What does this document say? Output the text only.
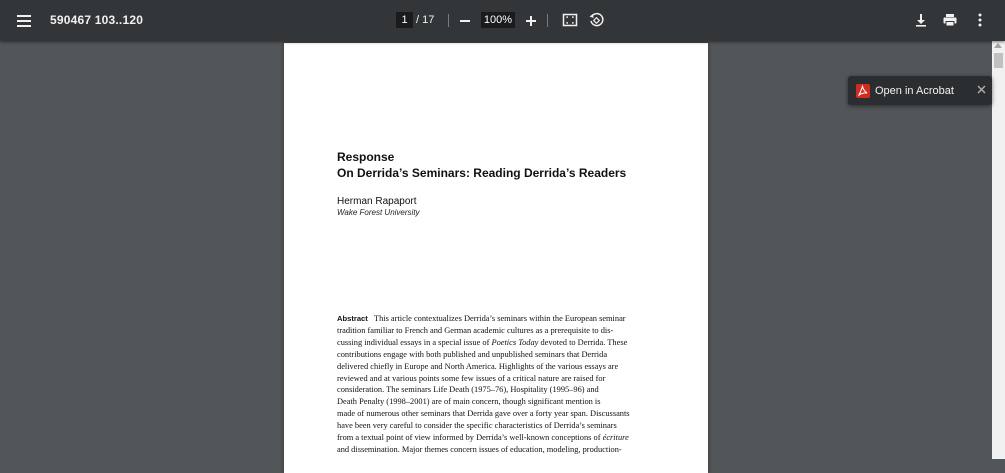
590467 103..120	1 / 17	100%
Response
On Derrida’s Seminars: Reading Derrida’s Readers
Herman Rapaport
Wake Forest University
Abstract This article contextualizes Derrida’s seminars within the European seminar
tradition familiar to French and German academic cultures as a prerequisite to dis-
cussing individual essays in a special issue of Poetics Today devoted to Derrida. These
contributions engage with both published and unpublished seminars that Derrida
delivered chiefly in Europe and North America. Highlights of the various essays are
reviewed and at various points some few issues of a critical nature are raised for
consideration. The seminars Life Death (1975–76), Hospitality (1995–96) and
Death Penalty (1998–2001) are of main concern, though significant mention is
made of numerous other seminars that Derrida gave over a forty year span. Discussants
have been very careful to consider the specific characteristics of Derrida’s seminars
from a textual point of view informed by Derrida’s well-known conceptions of écriture
and dissemination. Major themes concern issues of education, modeling, production-
Open in Acrobat
